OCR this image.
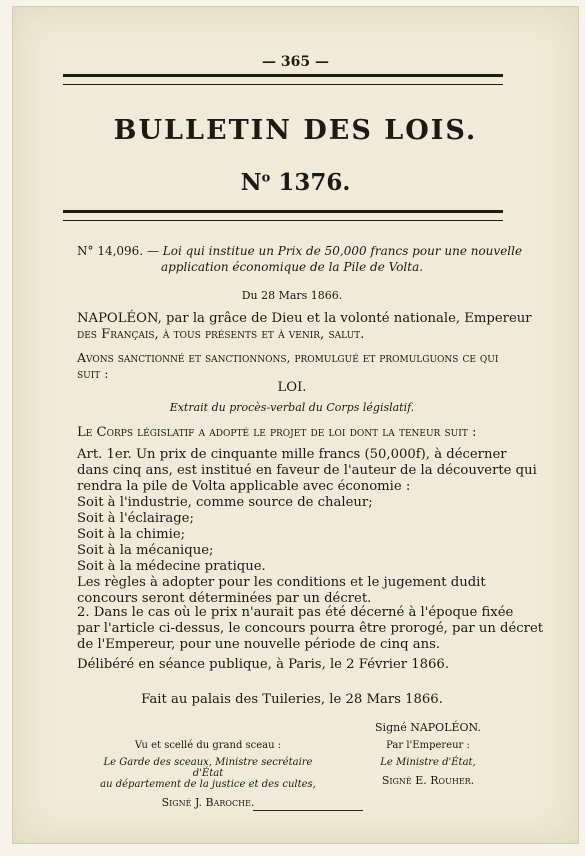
— 365 —
BULLETIN DES LOIS.
$N^o$ 1376.
N° 14,096. — Loi qui institue un Prix de 50,000 francs pour une nouvelle
application économique de la Pile de Volta.
Du 28 Mars 1866.
NAPOLÉON, par la grâce de Dieu et la volonté nationale, Empereur
des Français, à tous présents et à venir, salut.
Avons sanctionné et sanctionnons, promulgué et promulguons ce qui
suit :
LOI.
Extrait du procès-verbal du Corps législatif.
Le Corps législatif a adopté le projet de loi dont la teneur suit :
Art. 1er. Un prix de cinquante mille francs (50,000f), à décerner
dans cinq ans, est institué en faveur de l'auteur de la découverte qui
rendra la pile de Volta applicable avec économie :
Soit à l'industrie, comme source de chaleur;
Soit à l'éclairage;
Soit à la chimie;
Soit à la mécanique;
Soit à la médecine pratique.
Les règles à adopter pour les conditions et le jugement dudit
concours seront déterminées par un décret.
2. Dans le cas où le prix n'aurait pas été décerné à l'époque fixée
par l'article ci-dessus, le concours pourra être prorogé, par un décret
de l'Empereur, pour une nouvelle période de cinq ans.
Délibéré en séance publique, à Paris, le 2 Février 1866.
Fait au palais des Tuileries, le 28 Mars 1866.
Vu et scellé du grand sceau :
Le Garde des sceaux, Ministre secrétaire d'État
au département de la justice et des cultes,
Signé J. Baroche.
Signé NAPOLÉON.
Par l'Empereur :
Le Ministre d'État,
Signé E. Rouher.
